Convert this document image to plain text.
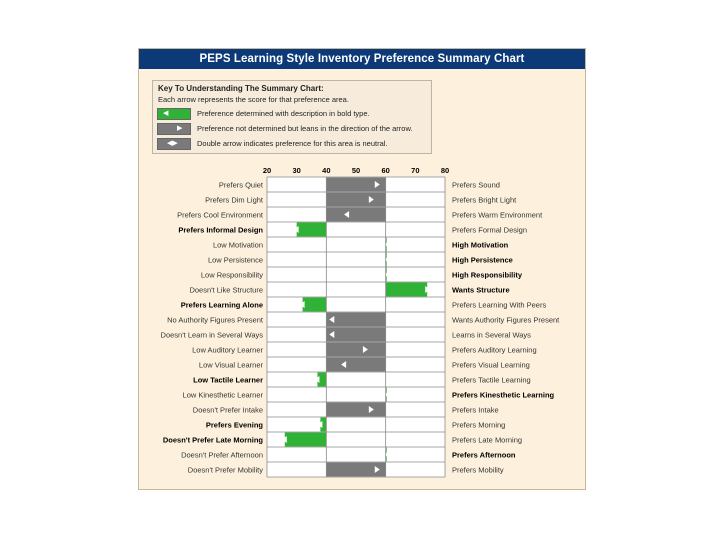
PEPS Learning Style Inventory Preference Summary Chart
Key To Understanding The Summary Chart:
Each arrow represents the score for that preference area.
◀	Preference determined with description in bold type.
▶ Preference not determined but leans in the direction of the arrow.
◀▶	Double arrow indicates preference for this area is neutral.
20	30	40	50	60	70	80
Prefers Quiet	Prefers Sound
Prefers Dim Light	Prefers Bright Light
Prefers Cool Environment	Prefers Warm Environment
Prefers Informal Design	Prefers Formal Design
Low Motivation	High Motivation
Low Persistence	High Persistence
Low Responsibility	High Responsibility
Doesn't Like Structure	Wants Structure
Prefers Learning Alone	Prefers Learning With Peers
No Authority Figures Present	Wants Authority Figures Present
Doesn't Learn in Several Ways	Learns in Several Ways
Low Auditory Learner	Prefers Auditory Learning
Low Visual Learner	Prefers Visual Learning
Low Tactile Learner	Prefers Tactile Learning
Low Kinesthetic Learner	Prefers Kinesthetic Learning
Doesn't Prefer Intake	Prefers Intake
Prefers Evening	Prefers Morning
Doesn't Prefer Late Morning	Prefers Late Morning
Doesn't Prefer Afternoon	Prefers Afternoon
Doesn't Prefer Mobility	Prefers Mobility
